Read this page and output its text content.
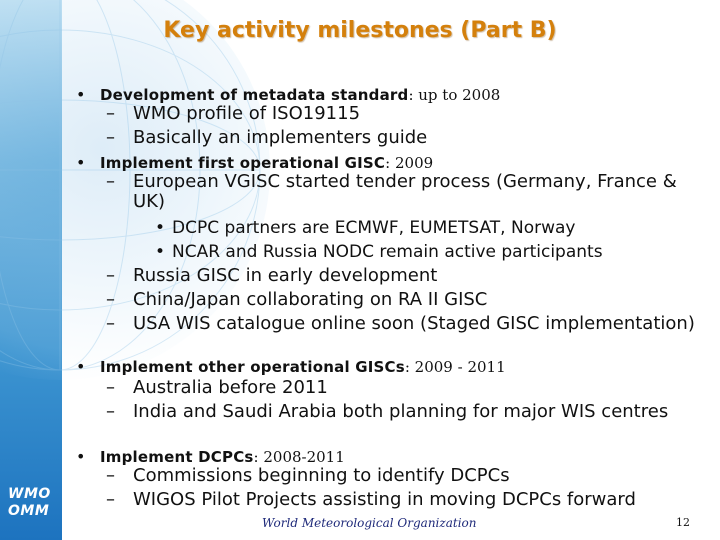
WMO OMM
Key activity milestones (Part B)
• Development of metadata standard: up to 2008
– WMO profile of ISO19115
– Basically an implementers guide
• Implement first operational GISC: 2009
– European VGISC started tender process (Germany, France & UK)
• DCPC partners are ECMWF, EUMETSAT, Norway
• NCAR and Russia NODC remain active participants
– Russia GISC in early development
– China/Japan collaborating on RA II GISC
– USA WIS catalogue online soon (Staged GISC implementation)
• Implement other operational GISCs: 2009 - 2011
– Australia before 2011
– India and Saudi Arabia both planning for major WIS centres
• Implement DCPCs: 2008-2011
– Commissions beginning to identify DCPCs
– WIGOS Pilot Projects assisting in moving DCPCs forward
World Meteorological Organization	12
